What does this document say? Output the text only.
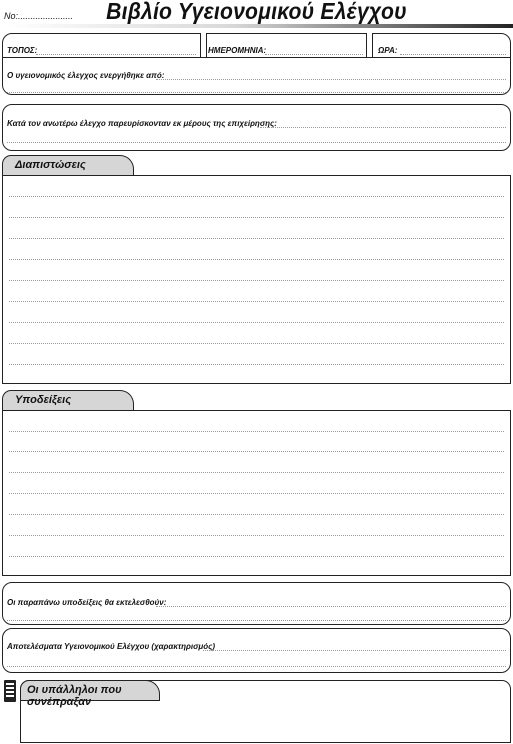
No:......................	Βιβλίο Υγειονομικού Ελέγχου
ΤΟΠΟΣ:	ΗΜΕΡΟΜΗΝΙΑ:	ΩΡΑ:
Ο υγειονομικός έλεγχος ενεργήθηκε από:
Κατά τον ανωτέρω έλεγχο παρευρίσκονταν εκ μέρους της επιχείρησης:
Διαπιστώσεις
Υποδείξεις
Οι παραπάνω υποδείξεις θα εκτελεσθούν:
Αποτελέσματα Υγειονομικού Ελέγχου (χαρακτηρισμός)
Οι υπάλληλοι που συνέπραξαν
